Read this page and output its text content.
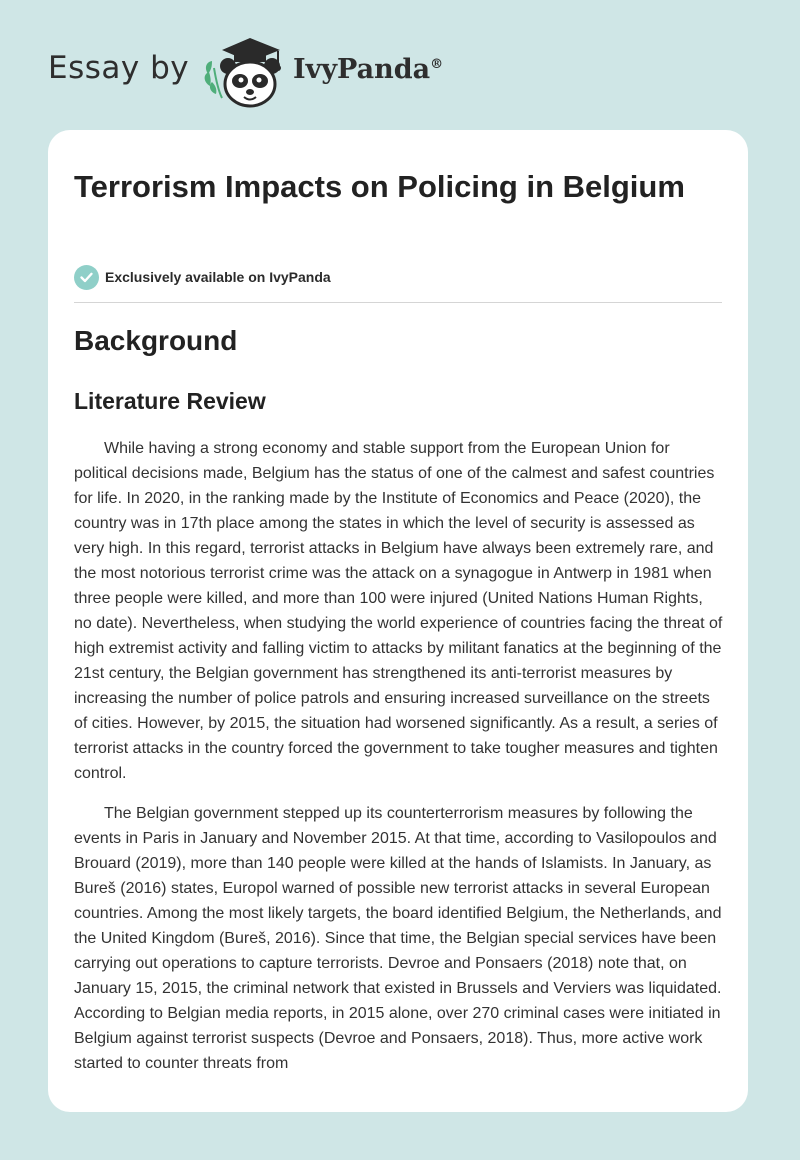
Essay by	IvyPanda®
Terrorism Impacts on Policing in Belgium
Exclusively available on IvyPanda
Background
Literature Review

While having a strong economy and stable support from the European Union for political decisions made, Belgium has the status of one of the calmest and safest countries for life. In 2020, in the ranking made by the Institute of Economics and Peace (2020), the country was in 17th place among the states in which the level of security is assessed as very high. In this regard, terrorist attacks in Belgium have always been extremely rare, and the most notorious terrorist crime was the attack on a synagogue in Antwerp in 1981 when three people were killed, and more than 100 were injured (United Nations Human Rights, no date). Nevertheless, when studying the world experience of countries facing the threat of high extremist activity and falling victim to attacks by militant fanatics at the beginning of the 21st century, the Belgian government has strengthened its anti-terrorist measures by increasing the number of police patrols and ensuring increased surveillance on the streets of cities. However, by 2015, the situation had worsened significantly. As a result, a series of terrorist attacks in the country forced the government to take tougher measures and tighten control.

The Belgian government stepped up its counterterrorism measures by following the events in Paris in January and November 2015. At that time, according to Vasilopoulos and Brouard (2019), more than 140 people were killed at the hands of Islamists. In January, as Bureš (2016) states, Europol warned of possible new terrorist attacks in several European countries. Among the most likely targets, the board identified Belgium, the Netherlands, and the United Kingdom (Bureš, 2016). Since that time, the Belgian special services have been carrying out operations to capture terrorists. Devroe and Ponsaers (2018) note that, on January 15, 2015, the criminal network that existed in Brussels and Verviers was liquidated. According to Belgian media reports, in 2015 alone, over 270 criminal cases were initiated in Belgium against terrorist suspects (Devroe and Ponsaers, 2018). Thus, more active work started to counter threats from
